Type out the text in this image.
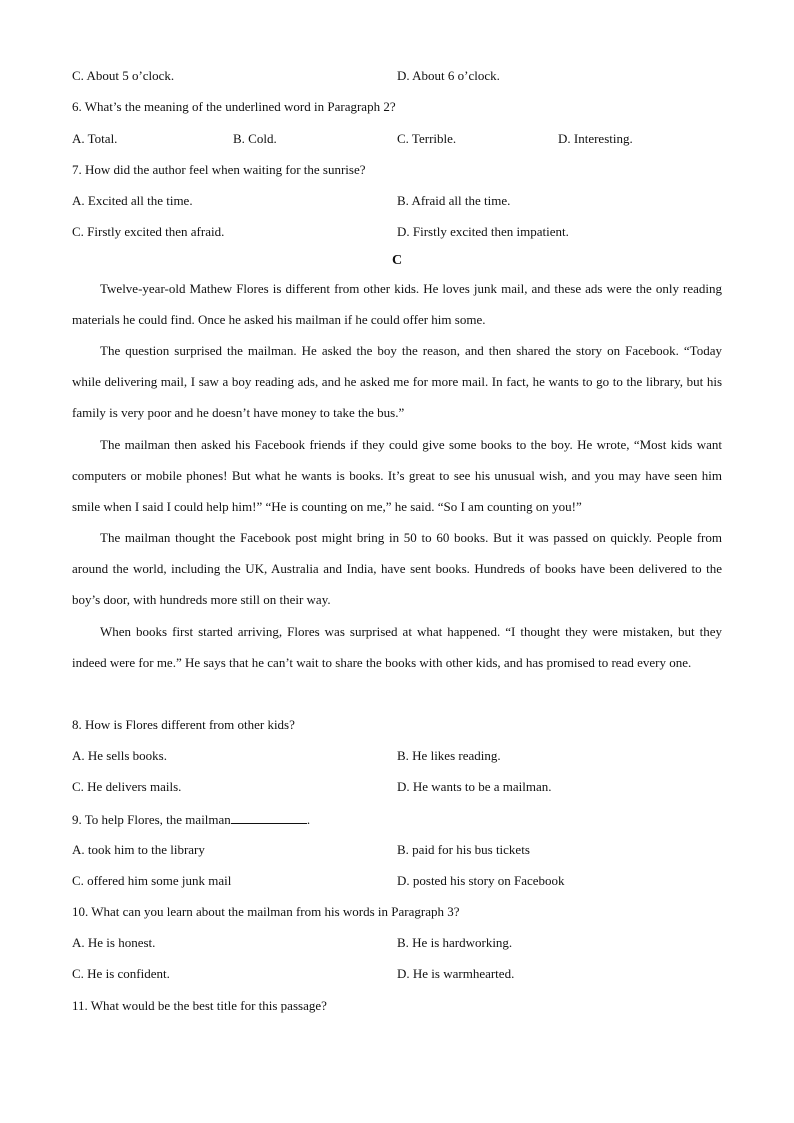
C. About 5 o’clock.	D. About 6 o’clock.
6. What’s the meaning of the underlined word in Paragraph 2?
A. Total.	B. Cold.	C. Terrible.	D. Interesting.
7. How did the author feel when waiting for the sunrise?
A. Excited all the time.	B. Afraid all the time.
C. Firstly excited then afraid.	D. Firstly excited then impatient.
C

Twelve-year-old Mathew Flores is different from other kids. He loves junk mail, and these ads were the only reading materials he could find. Once he asked his mailman if he could offer him some.

The question surprised the mailman. He asked the boy the reason, and then shared the story on Facebook. “Today while delivering mail, I saw a boy reading ads, and he asked me for more mail. In fact, he wants to go to the library, but his family is very poor and he doesn’t have money to take the bus.”

The mailman then asked his Facebook friends if they could give some books to the boy. He wrote, “Most kids want computers or mobile phones! But what he wants is books. It’s great to see his unusual wish, and you may have seen him smile when I said I could help him!” “He is counting on me,” he said. “So I am counting on you!”

The mailman thought the Facebook post might bring in 50 to 60 books. But it was passed on quickly. People from around the world, including the UK, Australia and India, have sent books. Hundreds of books have been delivered to the boy’s door, with hundreds more still on their way.

When books first started arriving, Flores was surprised at what happened. “I thought they were mistaken, but they indeed were for me.” He says that he can’t wait to share the books with other kids, and has promised to read every one.

8. How is Flores different from other kids?
A. He sells books.	B. He likes reading.
C. He delivers mails.	D. He wants to be a mailman.
9. To help Flores, the mailman	.
A. took him to the library	B. paid for his bus tickets
C. offered him some junk mail	D. posted his story on Facebook
10. What can you learn about the mailman from his words in Paragraph 3?
A. He is honest.	B. He is hardworking.
C. He is confident.	D. He is warmhearted.
11. What would be the best title for this passage?
